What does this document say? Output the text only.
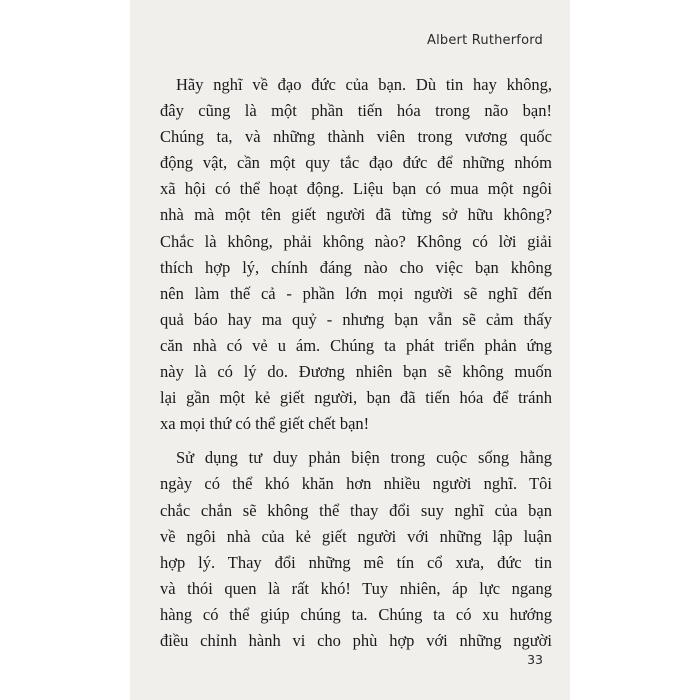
Albert Rutherford
Hãy nghĩ về đạo đức của bạn. Dù tin hay không,
đây cũng là một phần tiến hóa trong não bạn!
Chúng ta, và những thành viên trong vương quốc
động vật, cần một quy tắc đạo đức để những nhóm
xã hội có thể hoạt động. Liệu bạn có mua một ngôi
nhà mà một tên giết người đã từng sở hữu không?
Chắc là không, phải không nào? Không có lời giải
thích hợp lý, chính đáng nào cho việc bạn không
nên làm thế cả - phần lớn mọi người sẽ nghĩ đến
quả báo hay ma quỷ - nhưng bạn vẫn sẽ cảm thấy
căn nhà có vẻ u ám. Chúng ta phát triển phản ứng
này là có lý do. Đương nhiên bạn sẽ không muốn
lại gần một kẻ giết người, bạn đã tiến hóa để tránh
xa mọi thứ có thể giết chết bạn!
Sử dụng tư duy phản biện trong cuộc sống hằng
ngày có thể khó khăn hơn nhiều người nghĩ. Tôi
chắc chắn sẽ không thể thay đổi suy nghĩ của bạn
về ngôi nhà của kẻ giết người với những lập luận
hợp lý. Thay đổi những mê tín cổ xưa, đức tin
và thói quen là rất khó! Tuy nhiên, áp lực ngang
hàng có thể giúp chúng ta. Chúng ta có xu hướng
điều chỉnh hành vi cho phù hợp với những người
33
